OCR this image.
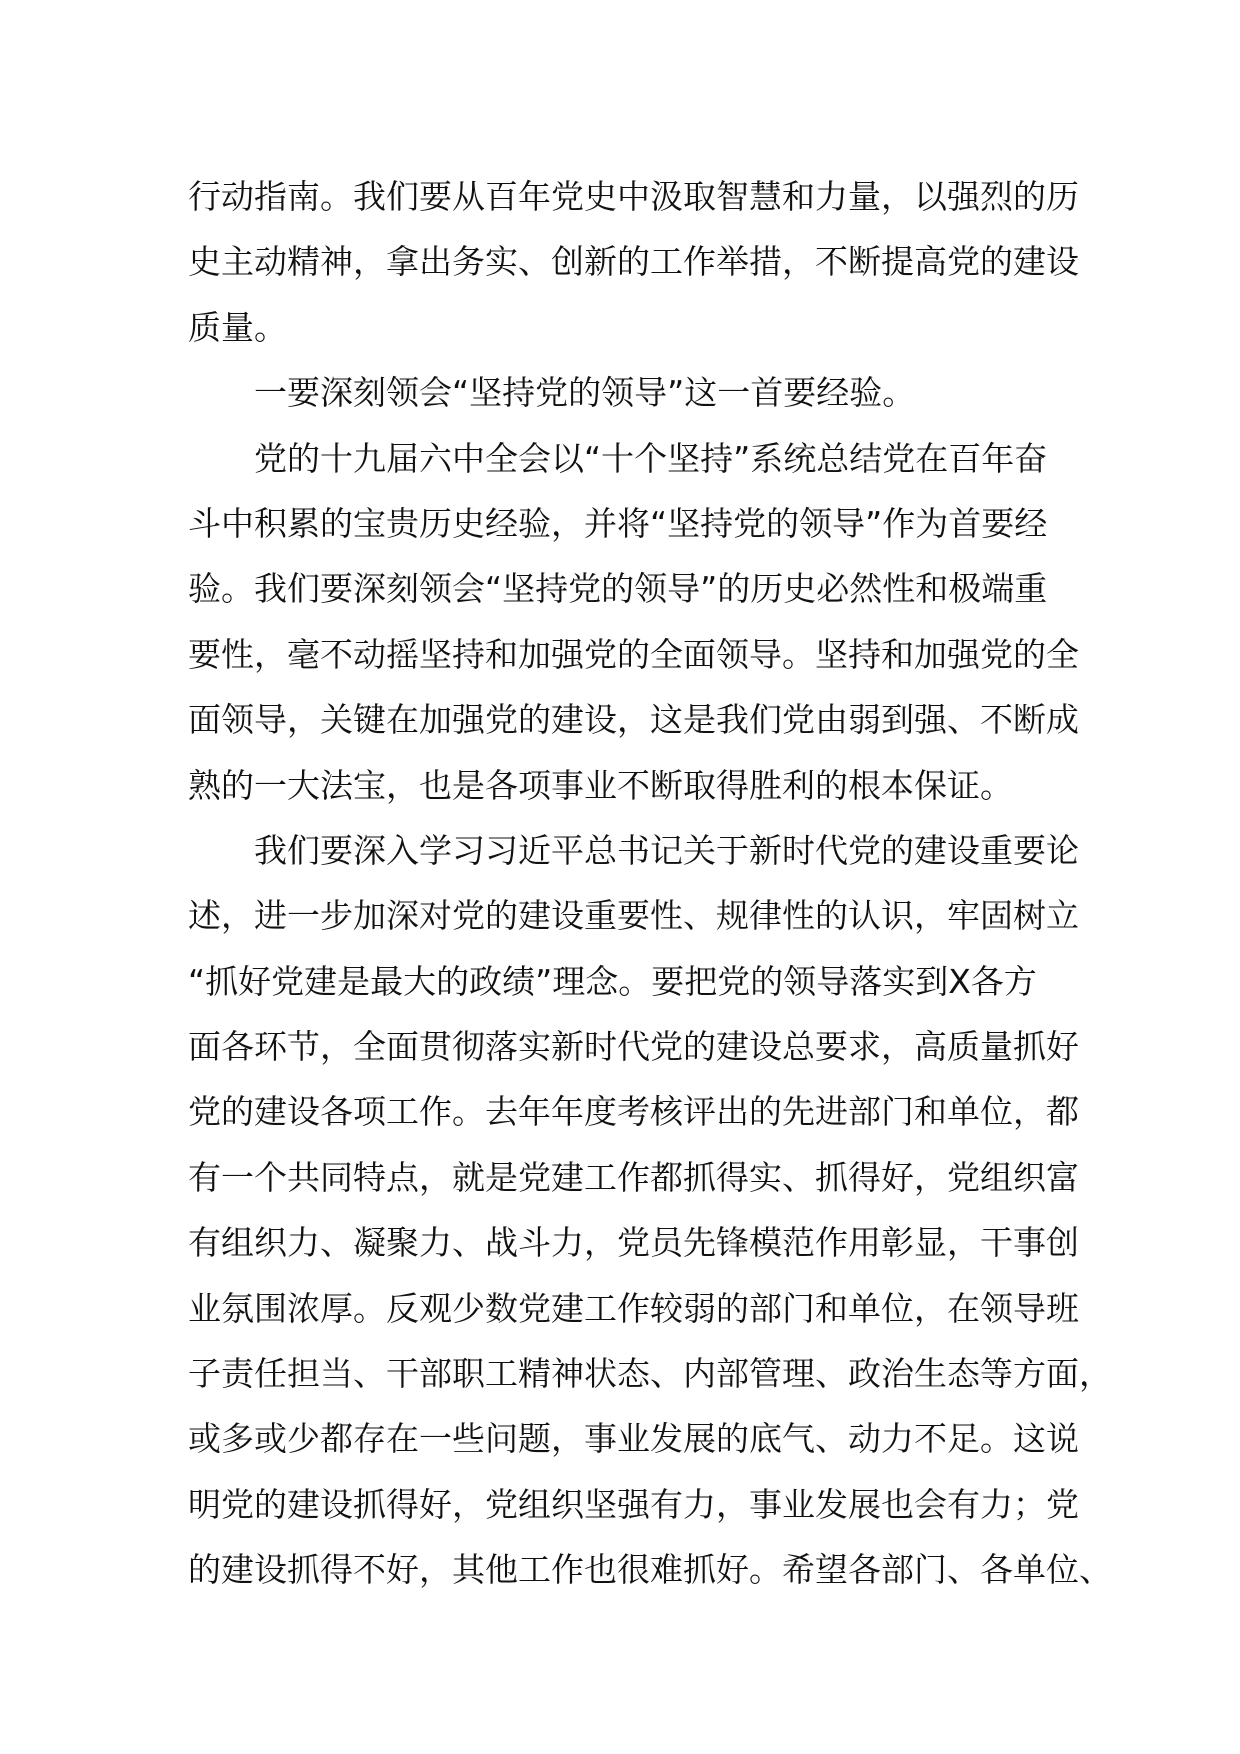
行动指南。我们要从百年党史中汲取智慧和力量，以强烈的历
史主动精神，拿出务实、创新的工作举措，不断提高党的建设
质量。
一要深刻领会“坚持党的领导”这一首要经验。
党的十九届六中全会以“十个坚持”系统总结党在百年奋
斗中积累的宝贵历史经验，并将“坚持党的领导”作为首要经
验。我们要深刻领会“坚持党的领导”的历史必然性和极端重
要性，毫不动摇坚持和加强党的全面领导。坚持和加强党的全
面领导，关键在加强党的建设，这是我们党由弱到强、不断成
熟的一大法宝，也是各项事业不断取得胜利的根本保证。
我们要深入学习习近平总书记关于新时代党的建设重要论
述，进一步加深对党的建设重要性、规律性的认识，牢固树立
“抓好党建是最大的政绩”理念。要把党的领导落实到X各方
面各环节，全面贯彻落实新时代党的建设总要求，高质量抓好
党的建设各项工作。去年年度考核评出的先进部门和单位，都
有一个共同特点，就是党建工作都抓得实、抓得好，党组织富
有组织力、凝聚力、战斗力，党员先锋模范作用彰显，干事创
业氛围浓厚。反观少数党建工作较弱的部门和单位，在领导班
子责任担当、干部职工精神状态、内部管理、政治生态等方面，
或多或少都存在一些问题，事业发展的底气、动力不足。这说
明党的建设抓得好，党组织坚强有力，事业发展也会有力；党
的建设抓得不好，其他工作也很难抓好。希望各部门、各单位、
